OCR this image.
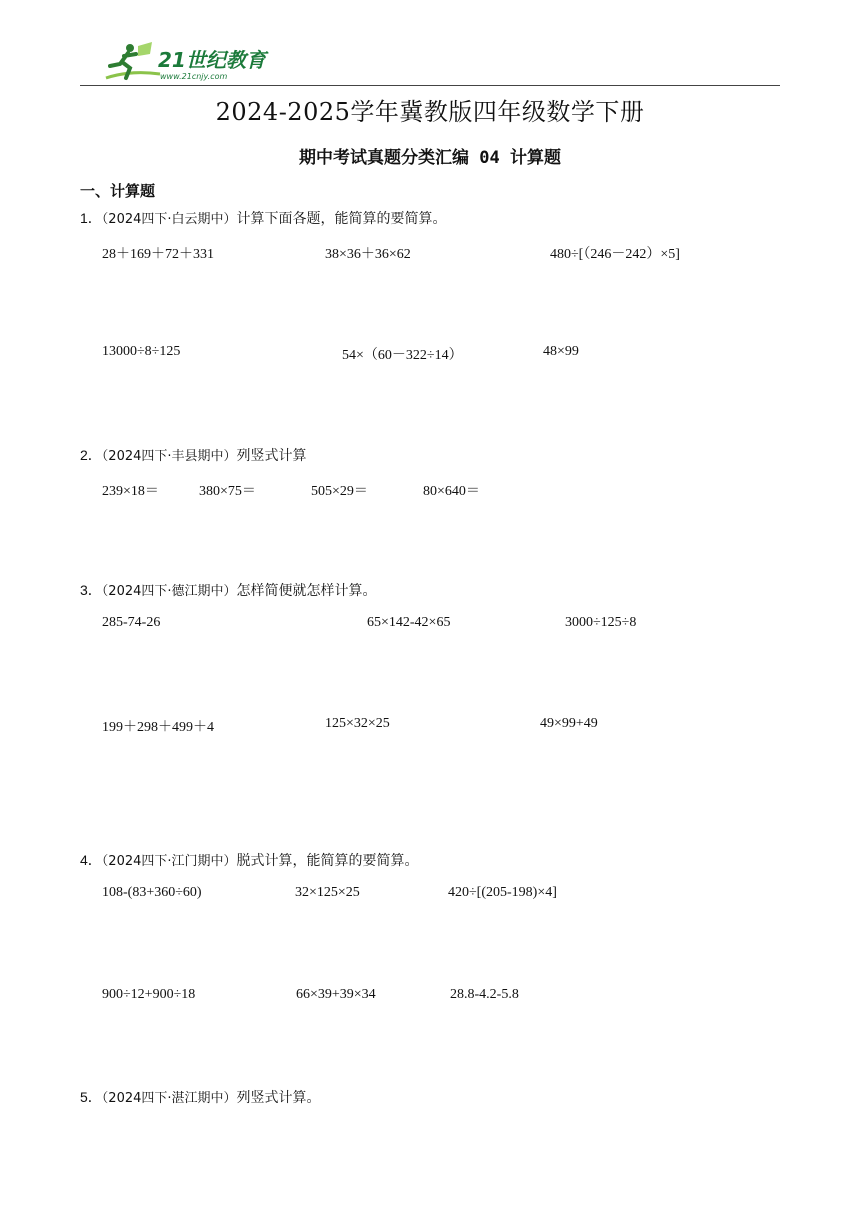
21世纪教育
www.21cnjy.com
2024-2025学年冀教版四年级数学下册
期中考试真题分类汇编 04 计算题
一、计算题
1．（2024四下·白云期中）计算下面各题，能简算的要简算。
28＋169＋72＋331	38×36＋36×62	480÷[（246－242）×5]
13000÷8÷125	54×（60－322÷14）	48×99
2．（2024四下·丰县期中）列竖式计算
239×18＝	380×75＝	505×29＝	80×640＝
3．（2024四下·德江期中）怎样简便就怎样计算。
285-74-26	65×142-42×65	3000÷125÷8
199＋298＋499＋4	125×32×25	49×99+49
4．（2024四下·江门期中）脱式计算，能简算的要简算。
108-(83+360÷60)	32×125×25	420÷[(205-198)×4]
900÷12+900÷18	66×39+39×34	28.8-4.2-5.8
5．（2024四下·湛江期中）列竖式计算。
